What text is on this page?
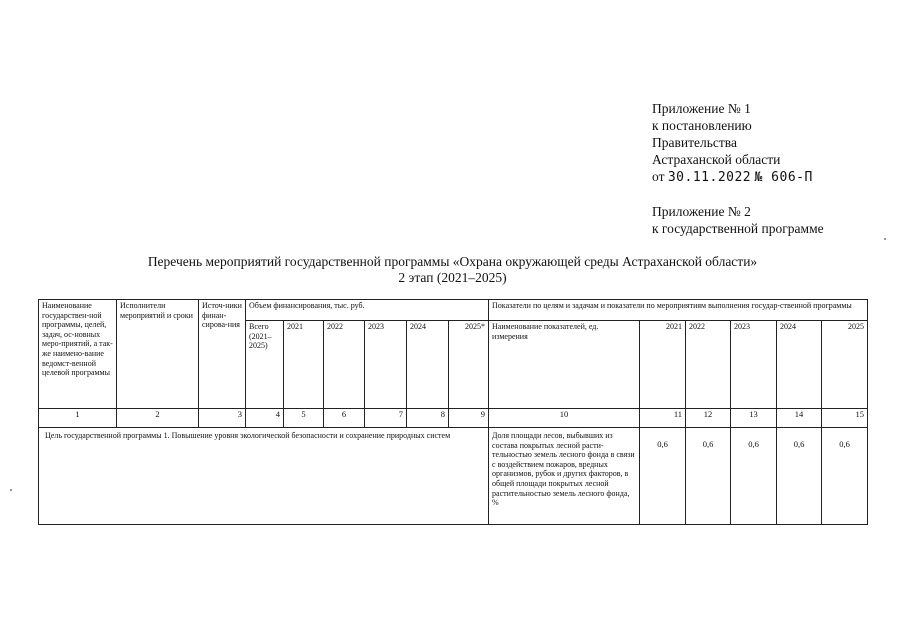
Приложение № 1
к постановлению
Правительства
Астраханской области
от 30.11.2022 № 606-П
Приложение № 2
к государственной программе
Перечень мероприятий государственной программы «Охрана окружающей среды Астраханской области»
2 этап (2021–2025)
Наименование государствен-ной программы, целей, задач, ос-новных меро-приятий, а так-же наимено-вание ведомст-венной целевой программы	Исполнители мероприятий и сроки	Источ-ники финан-сирова-ния	Объем финансирования, тыс. руб.						Показатели по целям и задачам и показатели по мероприятиям выполнения государ-ственной программы					
			Всего (2021–2025)	2021	2022	2023	2024	2025*	Наименование показателей, ед. измерения	2021	2022	2023	2024	2025
1	2	3	4	5	6	7	8	9	10	11	12	13	14	15
Цель государственной программы 1. Повышение уровня экологической безопасности и сохранение природных систем									Доля площади лесов, выбывших из состава покрытых лесной расти-тельностью земель лесного фонда в связи с воздействием пожаров, вредных организмов, рубок и других факторов, в общей площади покрытых лесной растительностью земель лесного фонда, %	0,6	0,6	0,6	0,6	0,6
